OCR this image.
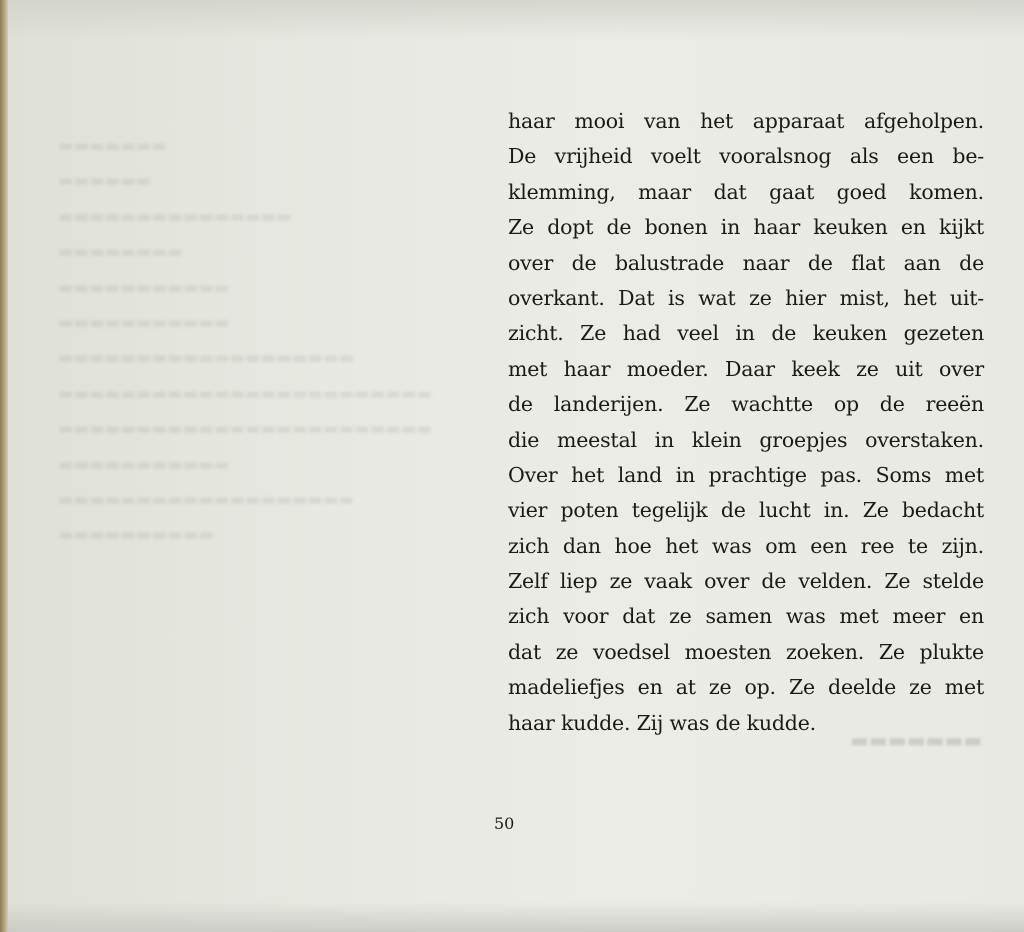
▬▬▬▬▬▬▬
▬▬▬▬▬▬
▬▬▬▬▬▬▬▬▬▬▬▬▬▬▬
▬▬▬▬▬▬▬▬
▬▬▬▬▬▬▬▬▬▬▬
▬▬▬▬▬▬▬▬▬▬▬
▬▬▬▬▬▬▬▬▬▬▬▬▬▬▬▬▬▬▬
▬▬▬▬▬▬▬▬▬▬▬▬▬▬▬▬▬▬▬▬▬▬▬▬
▬▬▬▬▬▬▬▬▬▬▬▬▬▬▬▬▬▬▬▬▬▬▬▬
▬▬▬▬▬▬▬▬▬▬▬
▬▬▬▬▬▬▬▬▬▬▬▬▬▬▬▬▬▬▬
▬▬▬▬▬▬▬▬▬▬
▬▬▬▬▬▬▬
haar mooi van het apparaat afgeholpen.
De vrijheid voelt vooralsnog als een be-
klemming, maar dat gaat goed komen.
Ze dopt de bonen in haar keuken en kijkt
over de balustrade naar de flat aan de
overkant. Dat is wat ze hier mist, het uit-
zicht. Ze had veel in de keuken gezeten
met haar moeder. Daar keek ze uit over
de landerijen. Ze wachtte op de reeën
die meestal in klein groepjes overstaken.
Over het land in prachtige pas. Soms met
vier poten tegelijk de lucht in. Ze bedacht
zich dan hoe het was om een ree te zijn.
Zelf liep ze vaak over de velden. Ze stelde
zich voor dat ze samen was met meer en
dat ze voedsel moesten zoeken. Ze plukte
madeliefjes en at ze op. Ze deelde ze met
haar kudde. Zij was de kudde.
50
